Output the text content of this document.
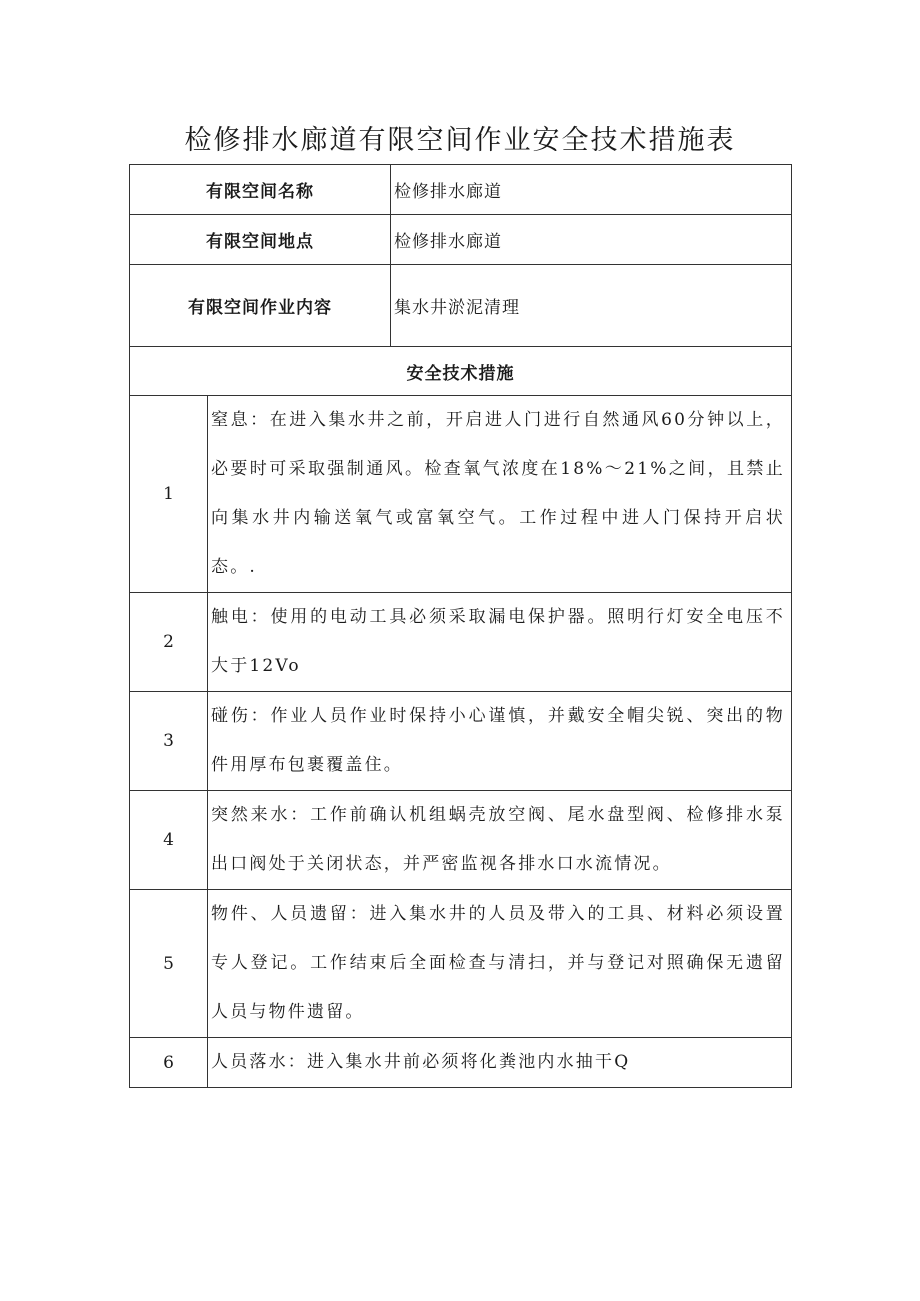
检修排水廊道有限空间作业安全技术措施表
有限空间名称		检修排水廊道
有限空间地点		检修排水廊道
有限空间作业内容		集水井淤泥清理
安全技术措施		
1	窒息：在进入集水井之前，开启进人门进行自然通风60分钟以上，必要时可采取强制通风。检查氧气浓度在18%～21%之间，且禁止向集水井内输送氧气或富氧空气。工作过程中进人门保持开启状态。.	
2	触电：使用的电动工具必须采取漏电保护器。照明行灯安全电压不大于12Vo	
3	碰伤：作业人员作业时保持小心谨慎，并戴安全帽尖锐、突出的物件用厚布包裹覆盖住。	
4	突然来水：工作前确认机组蜗壳放空阀、尾水盘型阀、检修排水泵出口阀处于关闭状态，并严密监视各排水口水流情况。	
5	物件、人员遗留：进入集水井的人员及带入的工具、材料必须设置专人登记。工作结束后全面检查与清扫，并与登记对照确保无遗留人员与物件遗留。	
6	人员落水：进入集水井前必须将化粪池内水抽干Q	
